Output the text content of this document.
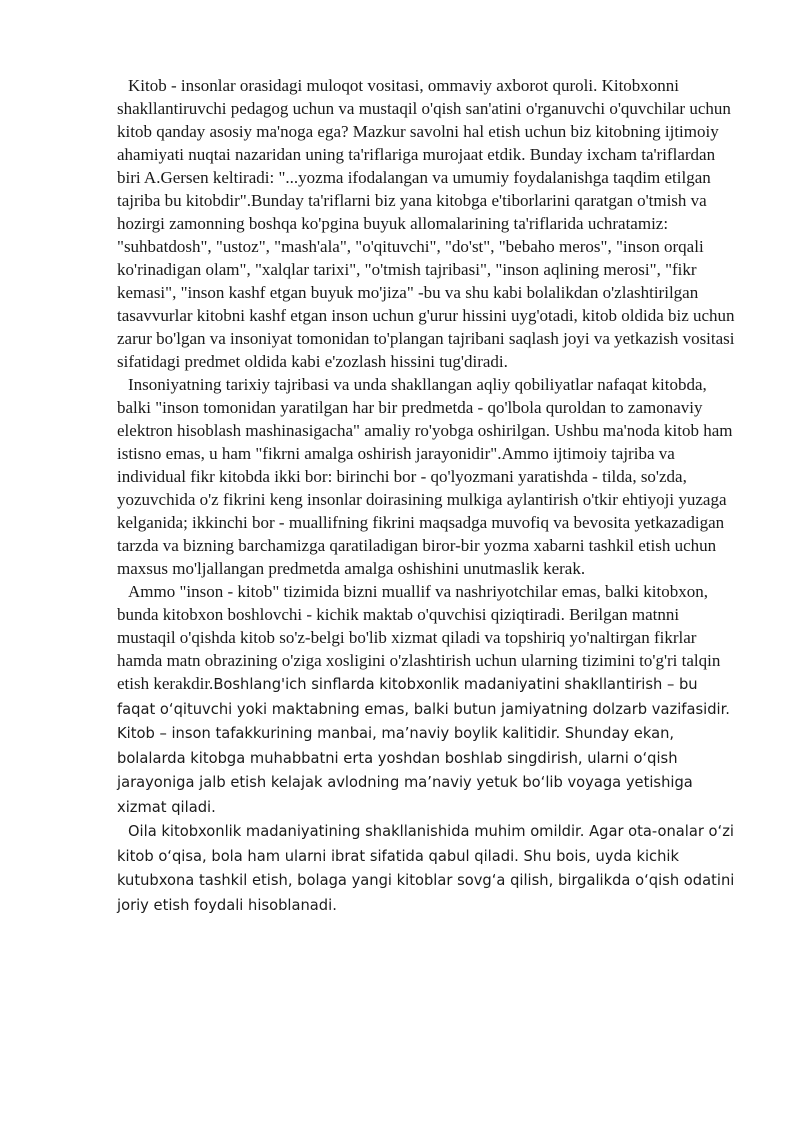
Kitob - insonlar orasidagi muloqot vositasi, ommaviy axborot quroli. Kitobxonni shakllantiruvchi pedagog uchun va mustaqil o'qish san'atini o'rganuvchi o'quvchilar uchun kitob qanday asosiy ma'noga ega? Mazkur savolni hal etish uchun biz kitobning ijtimoiy ahamiyati nuqtai nazaridan uning ta'riflariga murojaat etdik. Bunday ixcham ta'riflardan biri A.Gersen keltiradi: "...yozma ifodalangan va umumiy foydalanishga taqdim etilgan tajriba bu kitobdir".Bunday ta'riflarni biz yana kitobga e'tiborlarini qaratgan o'tmish va hozirgi zamonning boshqa ko'pgina buyuk allomalarining ta'riflarida uchratamiz: "suhbatdosh", "ustoz", "mash'ala", "o'qituvchi", "do'st", "bebaho meros", "inson orqali ko'rinadigan olam", "xalqlar tarixi", "o'tmish tajribasi", "inson aqlining merosi", "fikr kemasi", "inson kashf etgan buyuk mo'jiza" -bu va shu kabi bolalikdan o'zlashtirilgan tasavvurlar kitobni kashf etgan inson uchun g'urur hissini uyg'otadi, kitob oldida biz uchun zarur bo'lgan va insoniyat tomonidan to'plangan tajribani saqlash joyi va yetkazish vositasi sifatidagi predmet oldida kabi e'zozlash hissini tug'diradi.

Insoniyatning tarixiy tajribasi va unda shakllangan aqliy qobiliyatlar nafaqat kitobda, balki "inson tomonidan yaratilgan har bir predmetda - qo'lbola quroldan to zamonaviy elektron hisoblash mashinasigacha" amaliy ro'yobga oshirilgan. Ushbu ma'noda kitob ham istisno emas, u ham "fikrni amalga oshirish jarayonidir".Ammo ijtimoiy tajriba va individual fikr kitobda ikki bor: birinchi bor - qo'lyozmani yaratishda - tilda, so'zda, yozuvchida o'z fikrini keng insonlar doirasining mulkiga aylantirish o'tkir ehtiyoji yuzaga kelganida; ikkinchi bor - muallifning fikrini maqsadga muvofiq va bevosita yetkazadigan tarzda va bizning barchamizga qaratiladigan biror-bir yozma xabarni tashkil etish uchun maxsus mo'ljallangan predmetda amalga oshishini unutmaslik kerak.

Ammo "inson - kitob" tizimida bizni muallif va nashriyotchilar emas, balki kitobxon, bunda kitobxon boshlovchi - kichik maktab o'quvchisi qiziqtiradi. Berilgan matnni mustaqil o'qishda kitob so'z-belgi bo'lib xizmat qiladi va topshiriq yo'naltirgan fikrlar hamda matn obrazining o'ziga xosligini o'zlashtirish uchun ularning tizimini to'g'ri talqin etish kerakdir.Boshlang'ich sinflarda kitobxonlik madaniyatini shakllantirish – bu faqat o‘qituvchi yoki maktabning emas, balki butun jamiyatning dolzarb vazifasidir. Kitob – inson tafakkurining manbai, ma’naviy boylik kalitidir. Shunday ekan, bolalarda kitobga muhabbatni erta yoshdan boshlab singdirish, ularni o‘qish jarayoniga jalb etish kelajak avlodning ma’naviy yetuk bo‘lib voyaga yetishiga xizmat qiladi.

Oila kitobxonlik madaniyatining shakllanishida muhim omildir. Agar ota-onalar o‘zi kitob o‘qisa, bola ham ularni ibrat sifatida qabul qiladi. Shu bois, uyda kichik kutubxona tashkil etish, bolaga yangi kitoblar sovg‘a qilish, birgalikda o‘qish odatini joriy etish foydali hisoblanadi.
